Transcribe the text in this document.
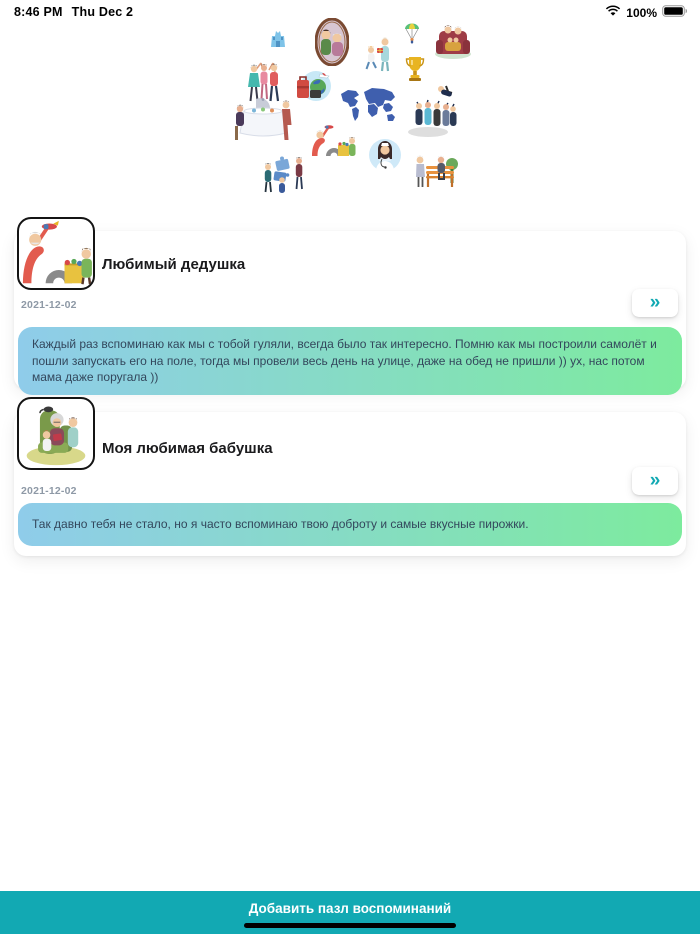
8:46 PM Thu Dec 2	100%
Любимый дедушка
2021-12-02	»
Каждый раз вспоминаю как мы с тобой гуляли, всегда было так интересно. Помню как мы построили самолёт и пошли запускать его на поле, тогда мы провели весь день на улице, даже на обед не пришли )) ух, нас потом мама даже поругала ))
Моя любимая бабушка
2021-12-02
»
Так давно тебя не стало, но я часто вспоминаю твою доброту и самые вкусные пирожки.
Добавить пазл воспоминаний
